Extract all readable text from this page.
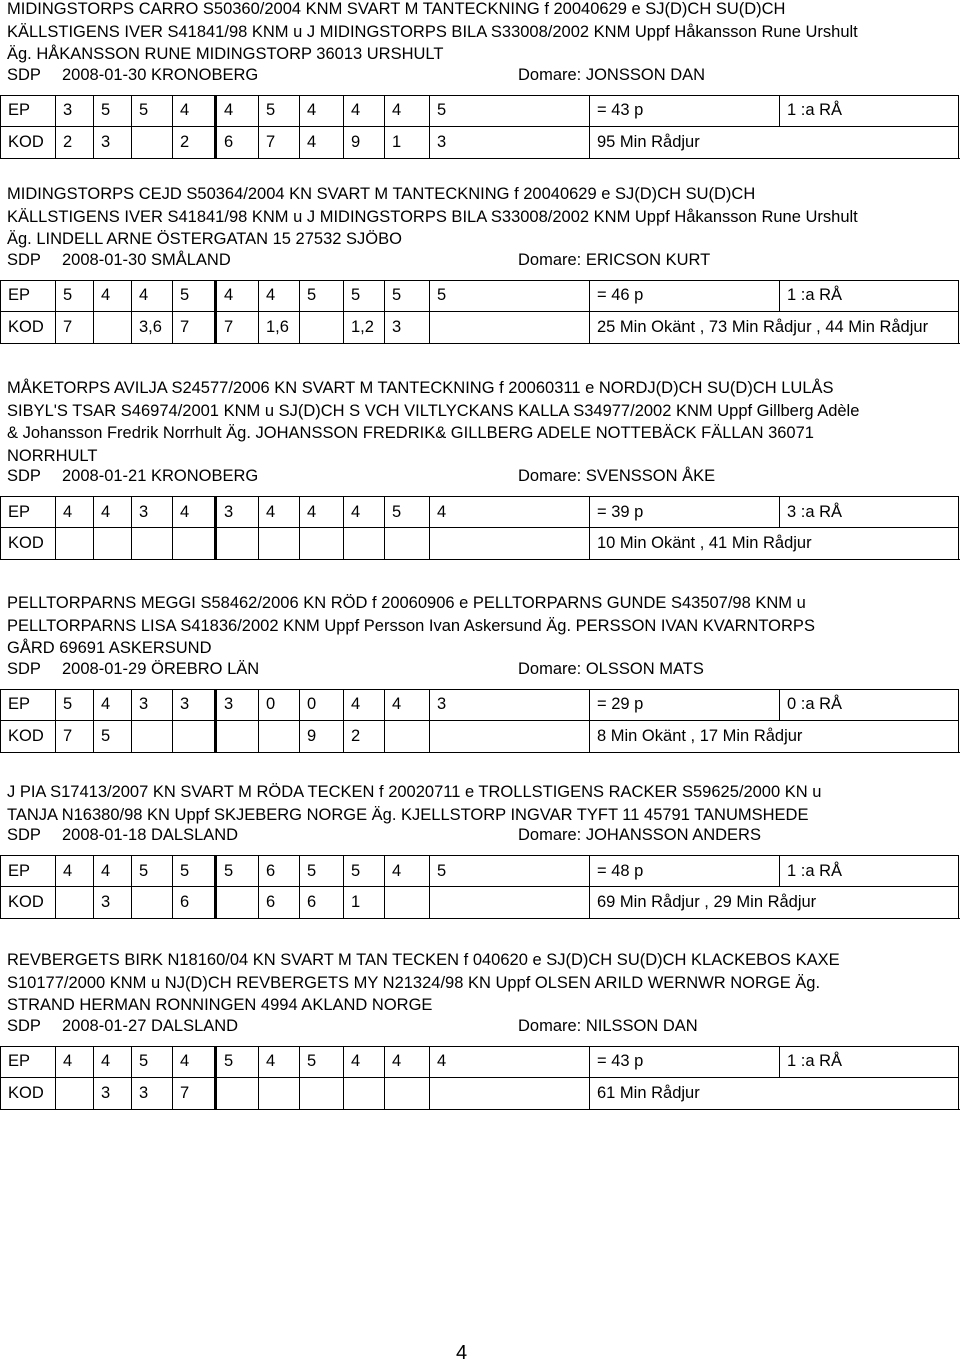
MIDINGSTORPS CARRO S50360/2004 KNM SVART M TANTECKNING f 20040629 e SJ(D)CH SU(D)CH
KÄLLSTIGENS IVER S41841/98 KNM u J MIDINGSTORPS BILA S33008/2002 KNM Uppf Håkansson Rune Urshult
Äg. HÅKANSSON RUNE MIDINGSTORP 36013 URSHULT
SDP 2008-01-30 KRONOBERG	Domare: JONSSON DAN
EP	3	5	5	4	4	5	4	4	4	5	= 43 p	1 :a RÅ	
KOD	2	3		2	6	7	4	9	1	3	95 Min Rådjur		
MIDINGSTORPS CEJD S50364/2004 KN SVART M TANTECKNING f 20040629 e SJ(D)CH SU(D)CH
KÄLLSTIGENS IVER S41841/98 KNM u J MIDINGSTORPS BILA S33008/2002 KNM Uppf Håkansson Rune Urshult
Äg. LINDELL ARNE ÖSTERGATAN 15 27532 SJÖBO
SDP 2008-01-30 SMÅLAND	Domare: ERICSON KURT
EP	5	4	4	5	4	4	5	5	5	5	= 46 p	1 :a RÅ	
KOD	7		3,6	7	7	1,6		1,2	3		25 Min Okänt , 73 Min Rådjur , 44 Min Rådjur		
MÅKETORPS AVILJA S24577/2006 KN SVART M TANTECKNING f 20060311 e NORDJ(D)CH SU(D)CH LULÅS
SIBYL'S TSAR S46974/2001 KNM u SJ(D)CH S VCH VILTLYCKANS KALLA S34977/2002 KNM Uppf Gillberg Adèle
& Johansson Fredrik Norrhult Äg. JOHANSSON FREDRIK& GILLBERG ADELE NOTTEBÄCK FÄLLAN 36071
NORRHULT
SDP 2008-01-21 KRONOBERG	Domare: SVENSSON ÅKE
EP	4	4	3	4	3	4	4	4	5	4	= 39 p	3 :a RÅ	
KOD											10 Min Okänt , 41 Min Rådjur		
PELLTORPARNS MEGGI S58462/2006 KN RÖD f 20060906 e PELLTORPARNS GUNDE S43507/98 KNM u
PELLTORPARNS LISA S41836/2002 KNM Uppf Persson Ivan Askersund Äg. PERSSON IVAN KVARNTORPS
GÅRD 69691 ASKERSUND
SDP 2008-01-29 ÖREBRO LÄN	Domare: OLSSON MATS
EP	5	4	3	3	3	0	0	4	4	3	= 29 p	0 :a RÅ	
KOD	7	5					9	2			8 Min Okänt , 17 Min Rådjur		
J PIA S17413/2007 KN SVART M RÖDA TECKEN f 20020711 e TROLLSTIGENS RACKER S59625/2000 KN u
TANJA N16380/98 KN Uppf SKJEBERG NORGE Äg. KJELLSTORP INGVAR TYFT 11 45791 TANUMSHEDE
SDP 2008-01-18 DALSLAND	Domare: JOHANSSON ANDERS
EP	4	4	5	5	5	6	5	5	4	5	= 48 p	1 :a RÅ	
KOD		3		6		6	6	1			69 Min Rådjur , 29 Min Rådjur		
REVBERGETS BIRK N18160/04 KN SVART M TAN TECKEN f 040620 e SJ(D)CH SU(D)CH KLACKEBOS KAXE
S10177/2000 KNM u NJ(D)CH REVBERGETS MY N21324/98 KN Uppf OLSEN ARILD WERNWR NORGE Äg.
STRAND HERMAN RONNINGEN 4994 AKLAND NORGE
SDP 2008-01-27 DALSLAND	Domare: NILSSON DAN
EP	4	4	5	4	5	4	5	4	4	4	= 43 p	1 :a RÅ	
KOD		3	3	7							61 Min Rådjur		
4
